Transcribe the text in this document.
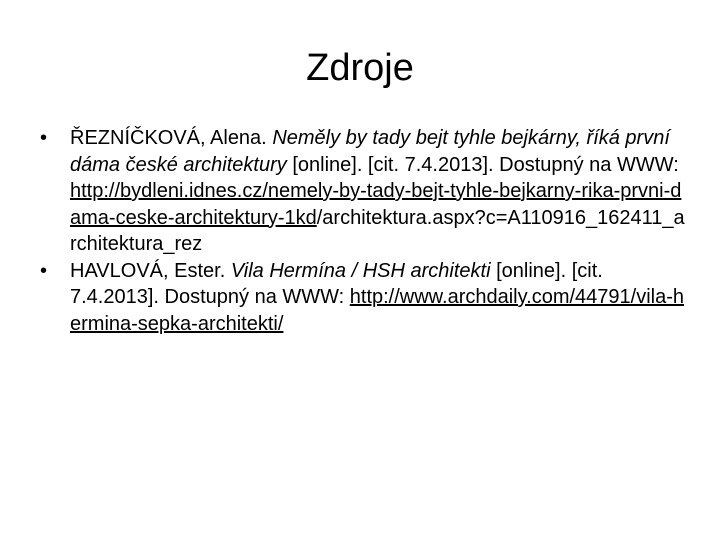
Zdroje
•
ŘEZNÍČKOVÁ, Alena. Neměly by tady bejt tyhle bejkárny, říká první dáma české architektury [online]. [cit. 7.4.2013]. Dostupný na WWW: http://bydleni.idnes.cz/nemely-by-tady-bejt-tyhle-bejkarny-rika-prvni-dama-ceske-architektury-1kd/architektura.aspx?c=A110916_162411_architektura_rez
•
HAVLOVÁ, Ester. Vila Hermína / HSH architekti [online]. [cit. 7.4.2013]. Dostupný na WWW: http://www.archdaily.com/44791/vila-hermina-sepka-architekti/
